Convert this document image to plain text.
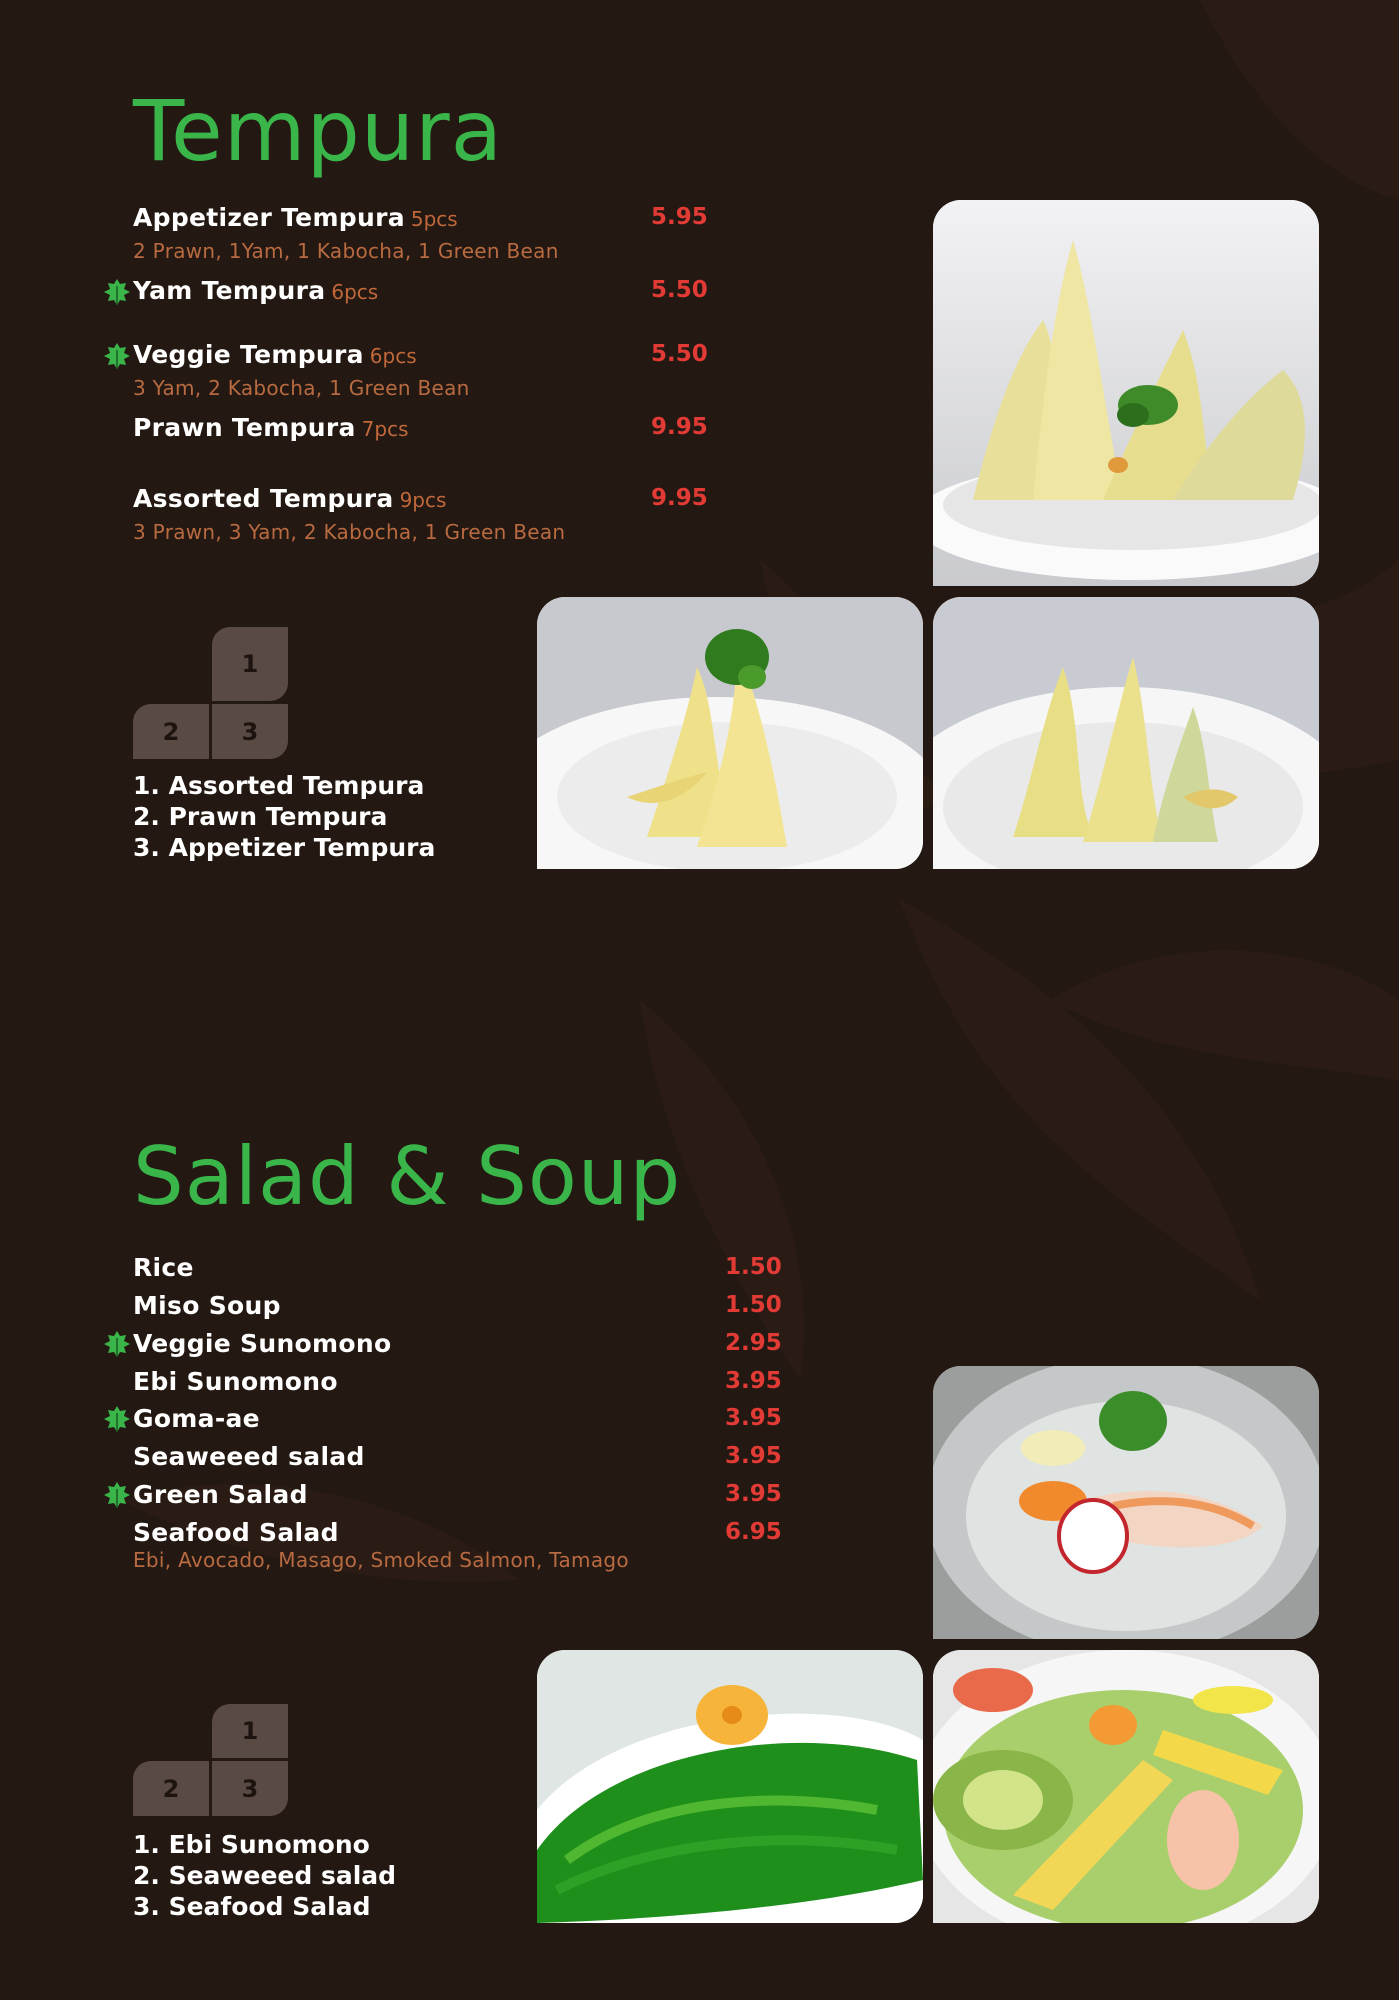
Tempura
Appetizer Tempura 5pcs
2 Prawn, 1Yam, 1 Kabocha, 1 Green Bean
5.95
Yam Tempura 6pcs	5.50
Veggie Tempura 6pcs
3 Yam, 2 Kabocha, 1 Green Bean
5.50
Prawn Tempura 7pcs	9.95
Assorted Tempura 9pcs
3 Prawn, 3 Yam, 2 Kabocha, 1 Green Bean
9.95
1
2	3
1. Assorted Tempura
2. Prawn Tempura
3. Appetizer Tempura
Salad & Soup
Rice	1.50
Miso Soup	1.50
Veggie Sunomono	2.95
Ebi Sunomono	3.95
Goma-ae	3.95
Seaweeed salad	3.95
Green Salad	3.95
Seafood Salad
Ebi, Avocado, Masago, Smoked Salmon, Tamago
6.95
1
2	3
1. Ebi Sunomono
2. Seaweeed salad
3. Seafood Salad
